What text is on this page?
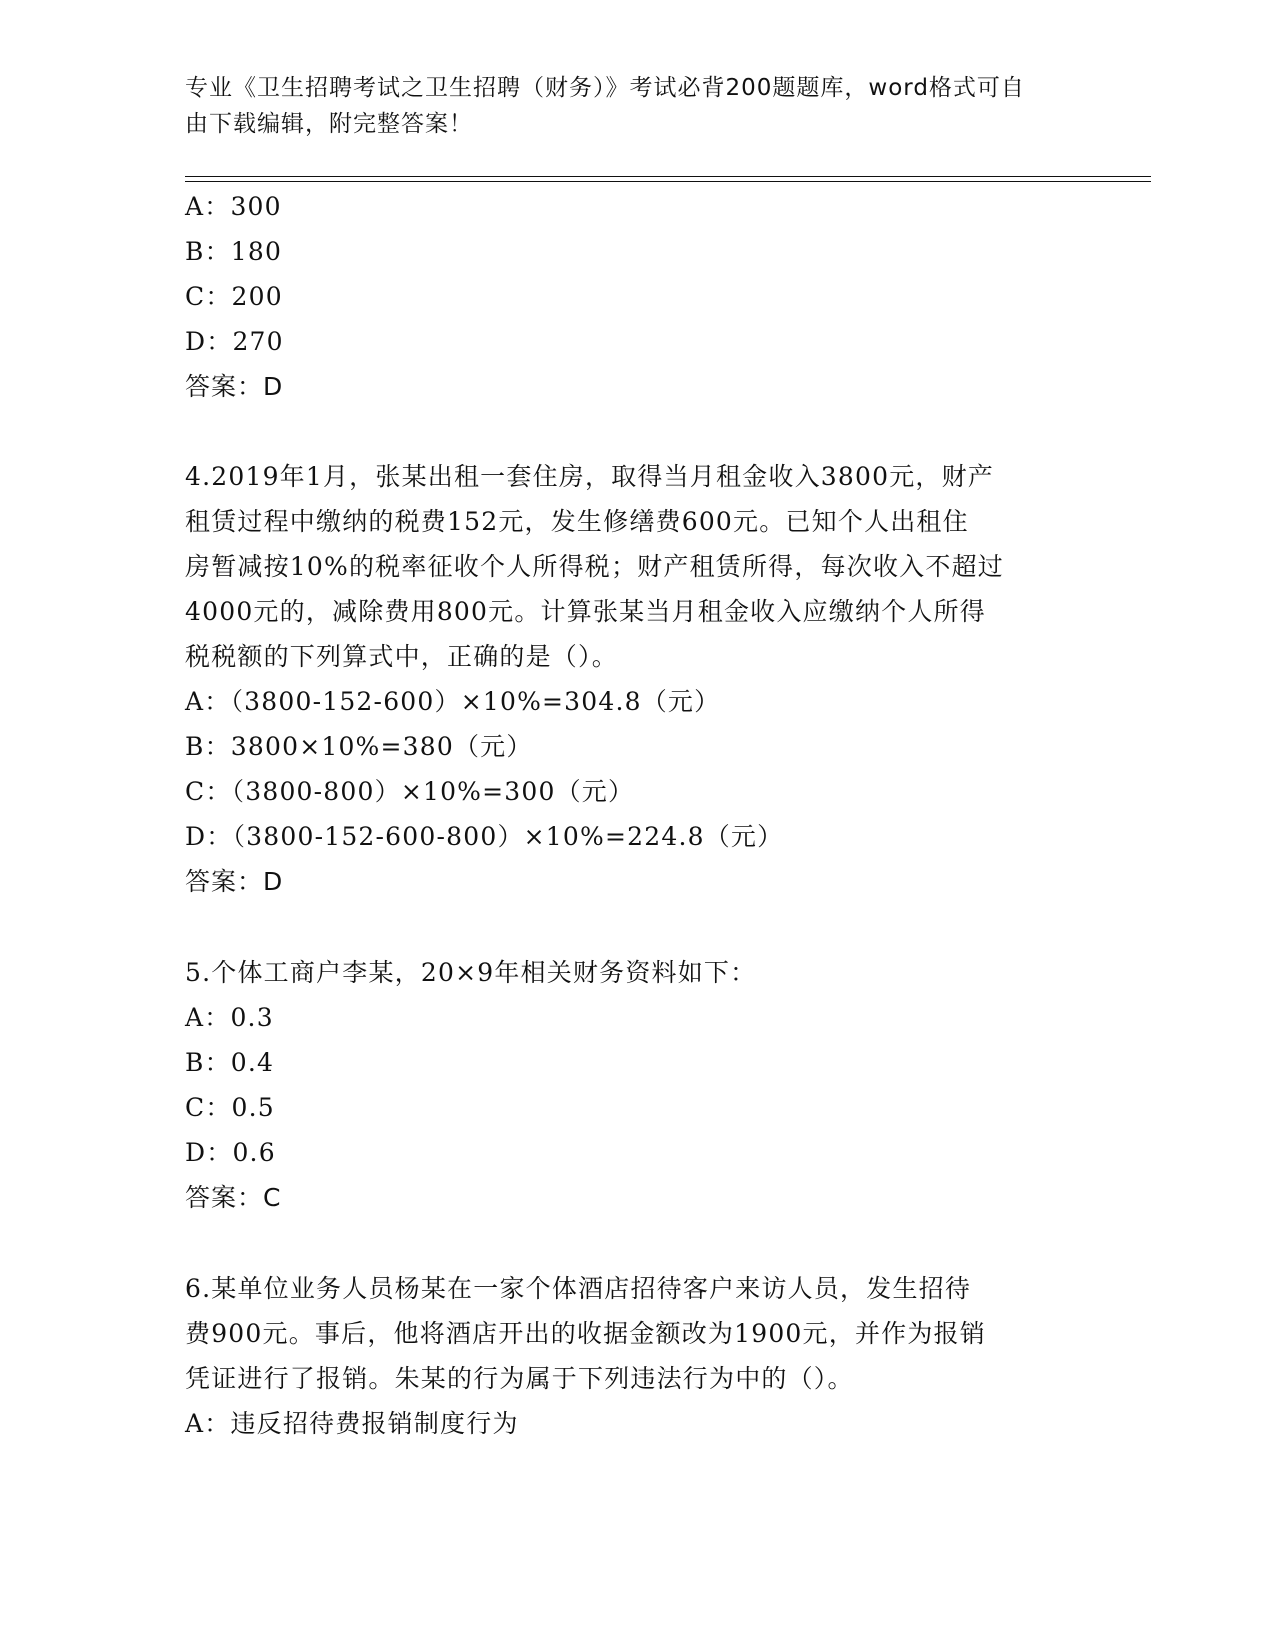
专业《卫生招聘考试之卫生招聘（财务）》考试必背200题题库，word格式可自
由下载编辑，附完整答案！
A：300
B：180
C：200
D：270
答案：D
4.2019年1月，张某出租一套住房，取得当月租金收入3800元，财产
租赁过程中缴纳的税费152元，发生修缮费600元。已知个人出租住
房暂减按10%的税率征收个人所得税；财产租赁所得，每次收入不超过
4000元的，减除费用800元。计算张某当月租金收入应缴纳个人所得
税税额的下列算式中，正确的是（）。
A：（3800-152-600）×10%=304.8（元）
B：3800×10%=380（元）
C：（3800-800）×10%=300（元）
D：（3800-152-600-800）×10%=224.8（元）
答案：D
5.个体工商户李某，20×9年相关财务资料如下：
A：0.3
B：0.4
C：0.5
D：0.6
答案：C
6.某单位业务人员杨某在一家个体酒店招待客户来访人员，发生招待
费900元。事后，他将酒店开出的收据金额改为1900元，并作为报销
凭证进行了报销。朱某的行为属于下列违法行为中的（）。
A：违反招待费报销制度行为
